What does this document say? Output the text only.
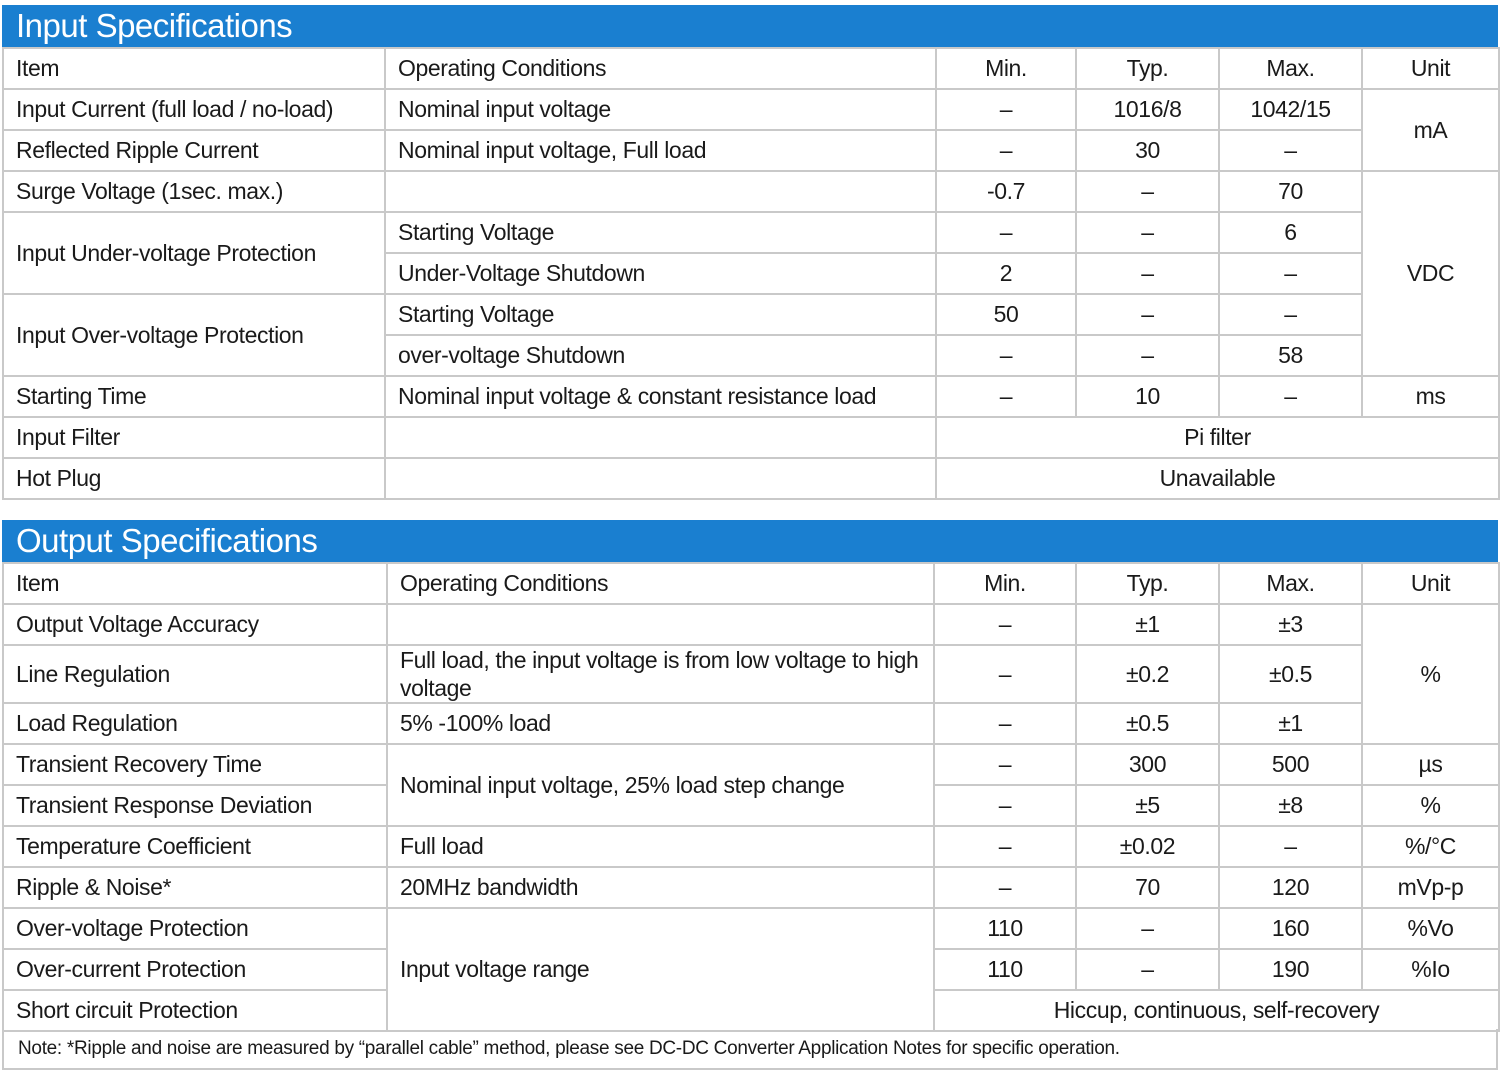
Input Specifications
Item	Operating Conditions	Min.	Typ.	Max.	Unit
Input Current (full load / no-load)	Nominal input voltage	–	1016/8	1042/15	mA
Reflected Ripple Current	Nominal input voltage, Full load	–	30	–	
Surge Voltage (1sec. max.)		-0.7	–	70	VDC
Input Under-voltage Protection	Starting Voltage	–	–	6	
	Under-Voltage Shutdown	2	–	–	
Input Over-voltage Protection	Starting Voltage	50	–	–	
	over-voltage Shutdown	–	–	58	
Starting Time	Nominal input voltage & constant resistance load	–	10	–	ms
Input Filter		Pi filter			
Hot Plug		Unavailable			
Output Specifications
Item	Operating Conditions	Min.	Typ.	Max.	Unit
Output Voltage Accuracy		–	±1	±3	%
Line Regulation	Full load, the input voltage is from low voltage to high voltage	–	±0.2	±0.5	
Load Regulation	5% -100% load	–	±0.5	±1	
Transient Recovery Time	Nominal input voltage, 25% load step change	–	300	500	µs
Transient Response Deviation		–	±5	±8	%
Temperature Coefficient	Full load	–	±0.02	–	%/°C
Ripple & Noise*	20MHz bandwidth	–	70	120	mVp-p
Over-voltage Protection	Input voltage range	110	–	160	%Vo
Over-current Protection		110	–	190	%Io
Short circuit Protection		Hiccup, continuous, self-recovery			
Note: *Ripple and noise are measured by “parallel cable” method, please see DC-DC Converter Application Notes for specific operation.
